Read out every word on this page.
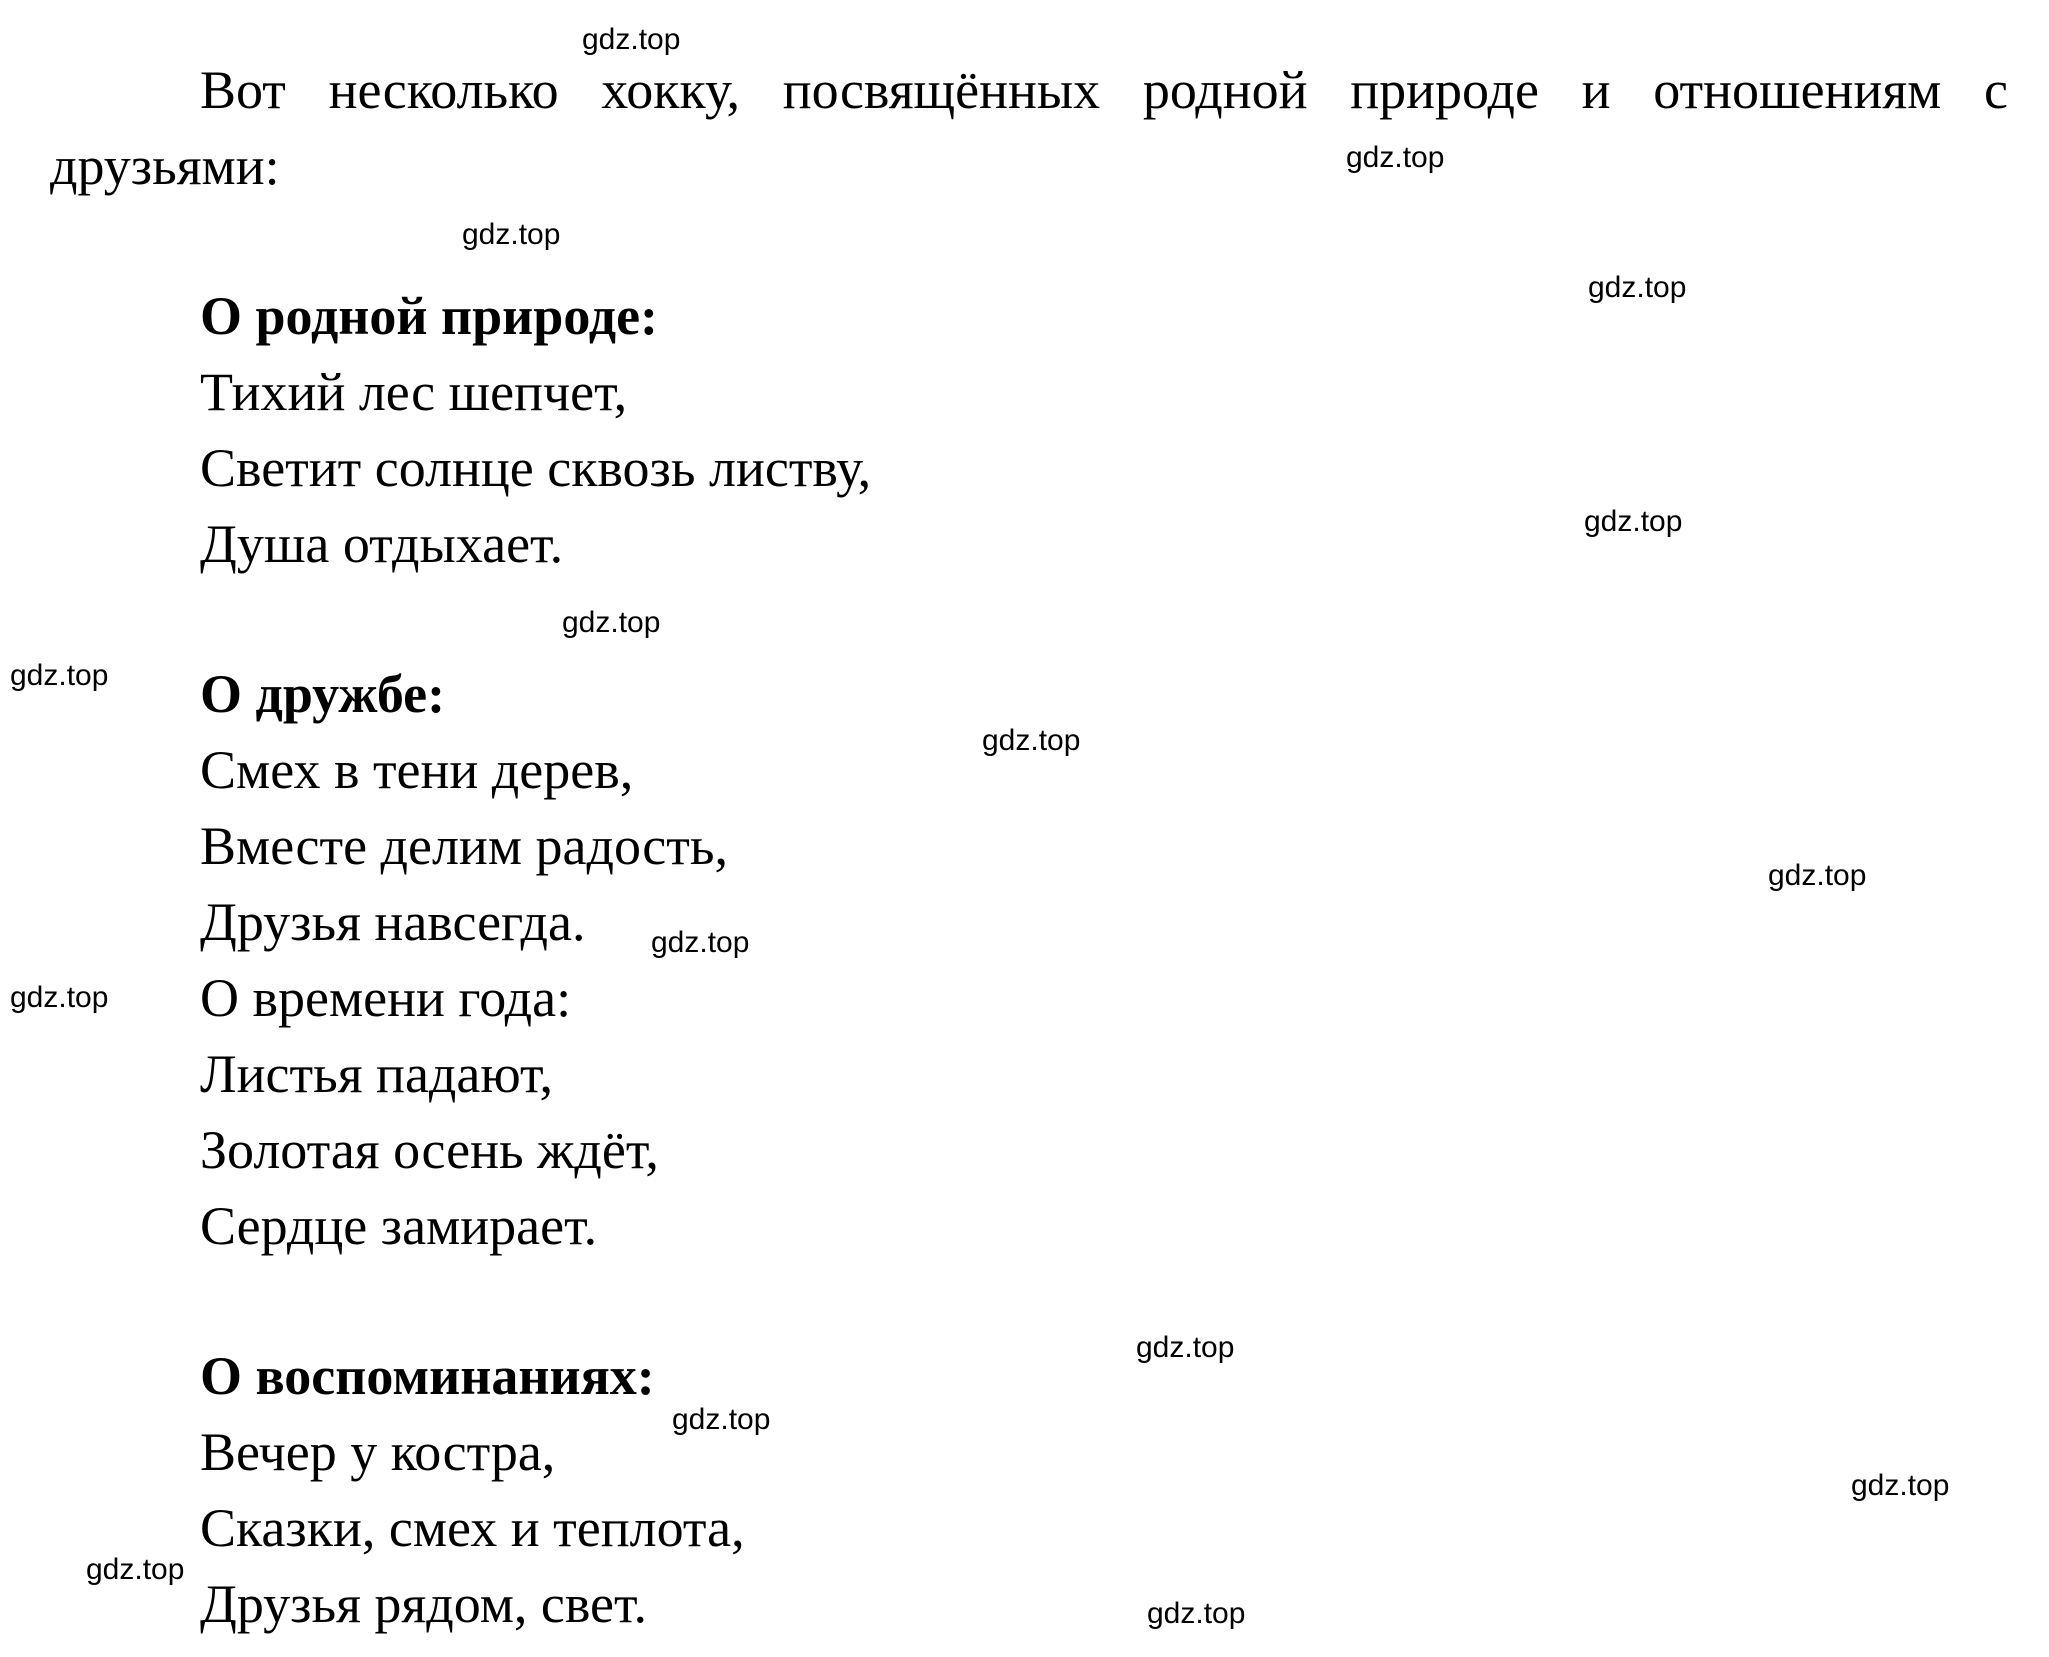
Вот несколько хокку, посвящённых родной природе и отношениям с друзьями:

О родной природе:
Тихий лес шепчет,
Светит солнце сквозь листву,
Душа отдыхает.
О дружбе:
Смех в тени дерев,
Вместе делим радость,
Друзья навсегда.
О времени года:
Листья падают,
Золотая осень ждёт,
Сердце замирает.
О воспоминаниях:
Вечер у костра,
Сказки, смех и теплота,
Друзья рядом, свет.
gdz.top
gdz.top
gdz.top
gdz.top
gdz.top
gdz.top
gdz.top
gdz.top
gdz.top
gdz.top
gdz.top
gdz.top
gdz.top
gdz.top
gdz.top
gdz.top
